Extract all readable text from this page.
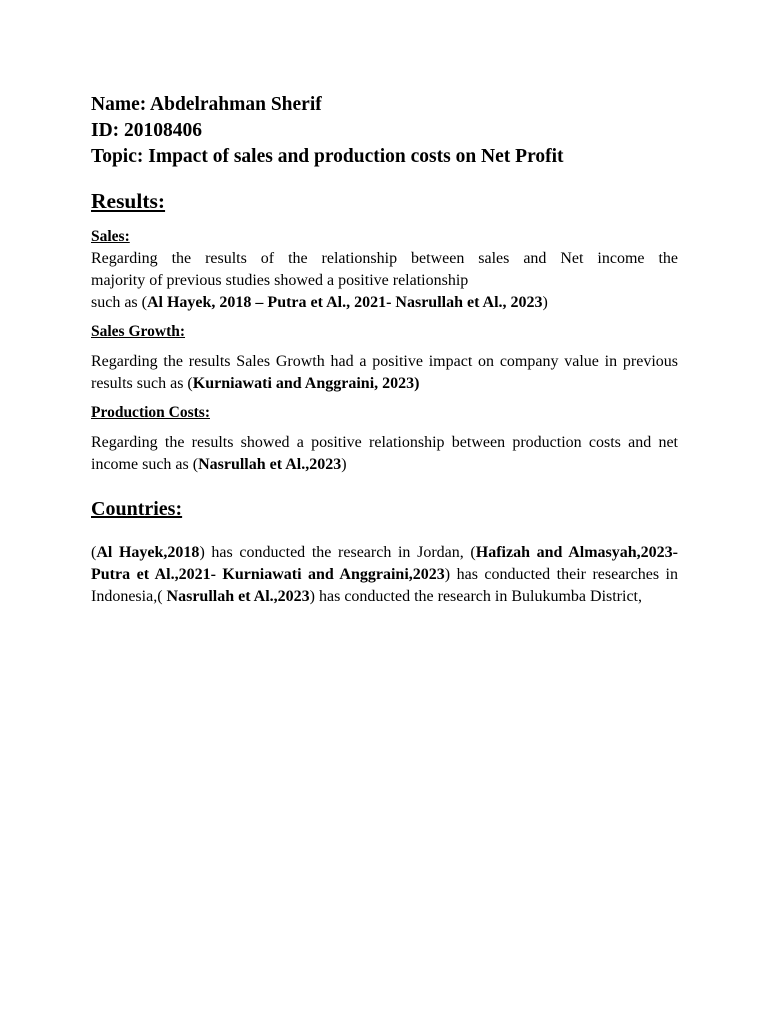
Name: Abdelrahman Sherif

ID: 20108406

Topic: Impact of sales and production costs on Net Profit

Results:

Sales:

Regarding the results of the relationship between sales and Net income the
majority of previous studies showed a positive relationship
such as (Al Hayek, 2018 – Putra et Al., 2021- Nasrullah et Al., 2023)

Sales Growth:

Regarding the results Sales Growth had a positive impact on company value in previous results such as (Kurniawati and Anggraini, 2023)

Production Costs:

Regarding the results showed a positive relationship between production costs and net income such as (Nasrullah et Al.,2023)

Countries:

(Al Hayek,2018) has conducted the research in Jordan, (Hafizah and Almasyah,2023-Putra et Al.,2021- Kurniawati and Anggraini,2023) has conducted their researches in Indonesia,( Nasrullah et Al.,2023) has conducted the research in Bulukumba District,
